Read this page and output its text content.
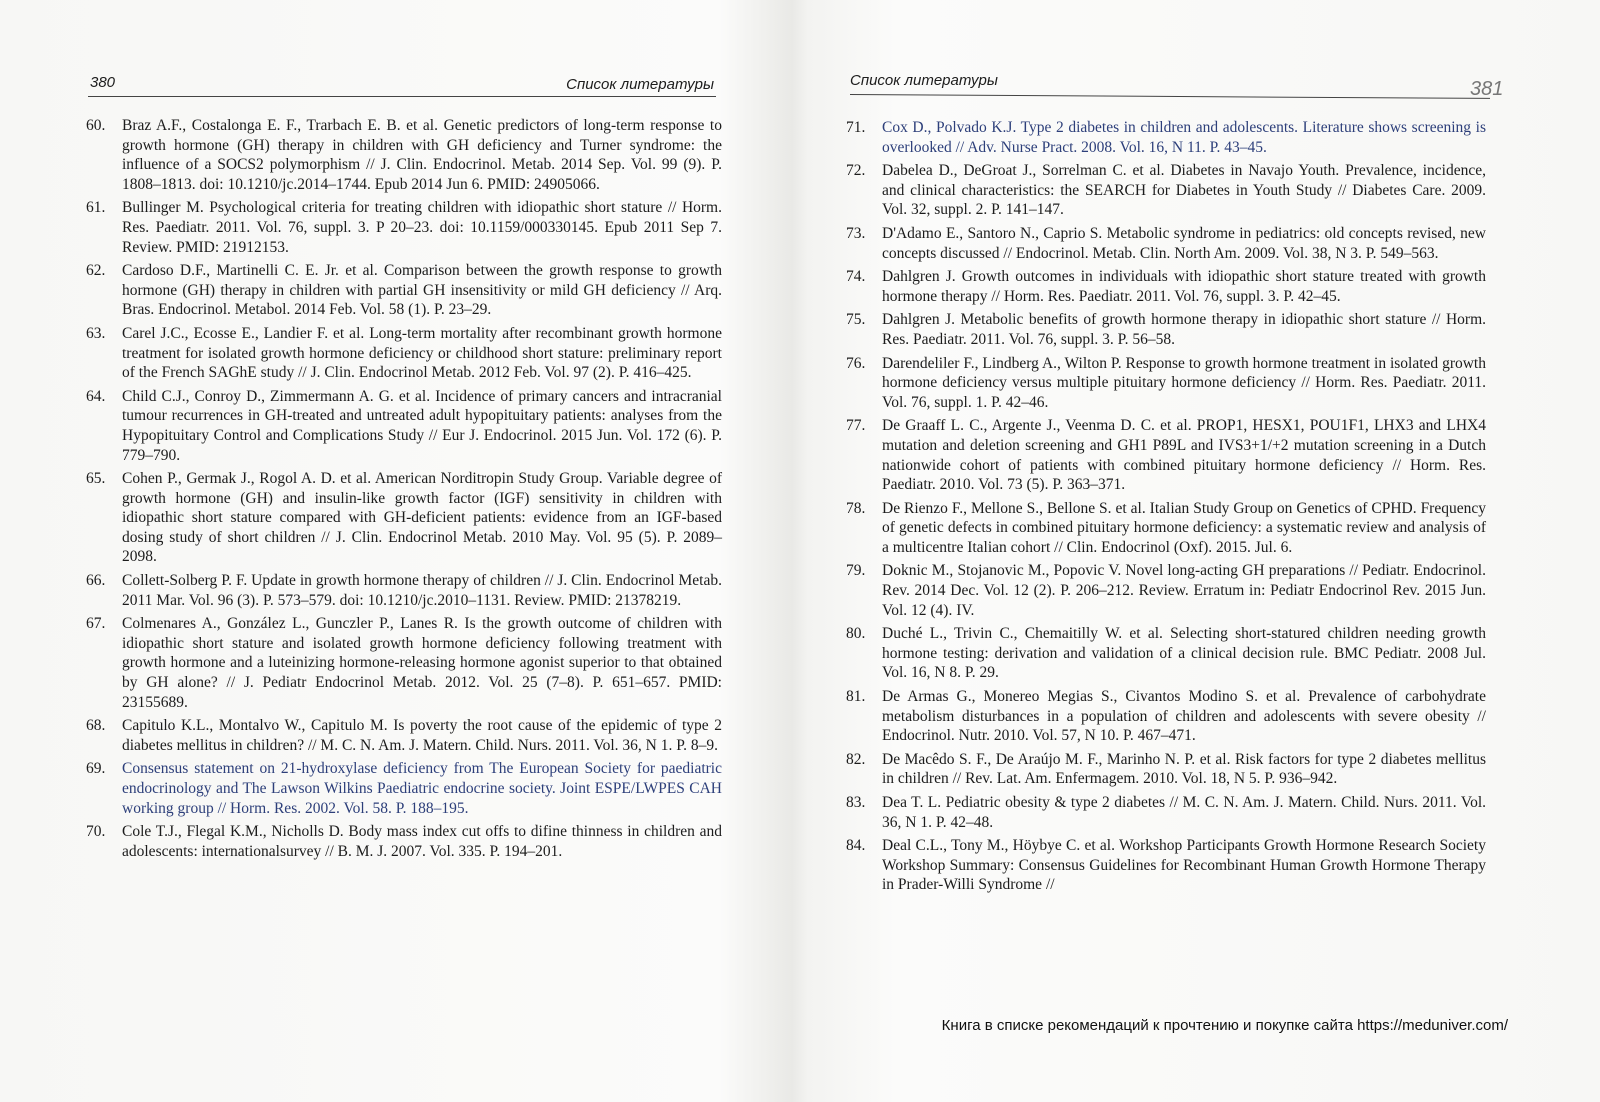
380	Список литературы
60.	Braz A.F., Costalonga E. F., Trarbach E. B. et al. Genetic predictors of long-term response to growth hormone (GH) therapy in children with GH deficiency and Turner syndrome: the influence of a SOCS2 polymorphism // J. Clin. Endocrinol. Metab. 2014 Sep. Vol. 99 (9). P. 1808–1813. doi: 10.1210/jc.2014–1744. Epub 2014 Jun 6. PMID: 24905066.
61.	Bullinger M. Psychological criteria for treating children with idiopathic short stature // Horm. Res. Paediatr. 2011. Vol. 76, suppl. 3. P 20–23. doi: 10.1159/000330145. Epub 2011 Sep 7. Review. PMID: 21912153.
62.	Cardoso D.F., Martinelli C. E. Jr. et al. Comparison between the growth response to growth hormone (GH) therapy in children with partial GH insensitivity or mild GH deficiency // Arq. Bras. Endocrinol. Metabol. 2014 Feb. Vol. 58 (1). P. 23–29.
63.	Carel J.C., Ecosse E., Landier F. et al. Long-term mortality after recombinant growth hormone treatment for isolated growth hormone deficiency or childhood short stature: preliminary report of the French SAGhE study // J. Clin. Endocrinol Metab. 2012 Feb. Vol. 97 (2). P. 416–425.
64.	Child C.J., Conroy D., Zimmermann A. G. et al. Incidence of primary cancers and intracranial tumour recurrences in GH-treated and untreated adult hypopituitary patients: analyses from the Hypopituitary Control and Complications Study // Eur J. Endocrinol. 2015 Jun. Vol. 172 (6). P. 779–790.
65.	Cohen P., Germak J., Rogol A. D. et al. American Norditropin Study Group. Variable degree of growth hormone (GH) and insulin-like growth factor (IGF) sensitivity in children with idiopathic short stature compared with GH-deficient patients: evidence from an IGF-based dosing study of short children // J. Clin. Endocrinol Metab. 2010 May. Vol. 95 (5). P. 2089–2098.
66.	Collett-Solberg P. F. Update in growth hormone therapy of children // J. Clin. Endocrinol Metab. 2011 Mar. Vol. 96 (3). P. 573–579. doi: 10.1210/jc.2010–1131. Review. PMID: 21378219.
67.	Colmenares A., González L., Gunczler P., Lanes R. Is the growth outcome of children with idiopathic short stature and isolated growth hormone deficiency following treatment with growth hormone and a luteinizing hormone-releasing hormone agonist superior to that obtained by GH alone? // J. Pediatr Endocrinol Metab. 2012. Vol. 25 (7–8). P. 651–657. PMID: 23155689.
68.	Capitulo K.L., Montalvo W., Capitulo M. Is poverty the root cause of the epidemic of type 2 diabetes mellitus in children? // M. C. N. Am. J. Matern. Child. Nurs. 2011. Vol. 36, N 1. P. 8–9.
69.	Consensus statement on 21-hydroxylase deficiency from The European Society for paediatric endocrinology and The Lawson Wilkins Paediatric endocrine society. Joint ESPE/LWPES CAH working group // Horm. Res. 2002. Vol. 58. P. 188–195.
70.	Cole T.J., Flegal K.M., Nicholls D. Body mass index cut offs to difine thinness in children and adolescents: internationalsurvey // B. M. J. 2007. Vol. 335. P. 194–201.
Список литературы	381
71.	Cox D., Polvado K.J. Type 2 diabetes in children and adolescents. Literature shows screening is overlooked // Adv. Nurse Pract. 2008. Vol. 16, N 11. P. 43–45.
72.	Dabelea D., DeGroat J., Sorrelman C. et al. Diabetes in Navajo Youth. Prevalence, incidence, and clinical characteristics: the SEARCH for Diabetes in Youth Study // Diabetes Care. 2009. Vol. 32, suppl. 2. P. 141–147.
73.	D'Adamo E., Santoro N., Caprio S. Metabolic syndrome in pediatrics: old concepts revised, new concepts discussed // Endocrinol. Metab. Clin. North Am. 2009. Vol. 38, N 3. P. 549–563.
74.	Dahlgren J. Growth outcomes in individuals with idiopathic short stature treated with growth hormone therapy // Horm. Res. Paediatr. 2011. Vol. 76, suppl. 3. P. 42–45.
75.	Dahlgren J. Metabolic benefits of growth hormone therapy in idiopathic short stature // Horm. Res. Paediatr. 2011. Vol. 76, suppl. 3. P. 56–58.
76.	Darendeliler F., Lindberg A., Wilton P. Response to growth hormone treatment in isolated growth hormone deficiency versus multiple pituitary hormone deficiency // Horm. Res. Paediatr. 2011. Vol. 76, suppl. 1. P. 42–46.
77.	De Graaff L. C., Argente J., Veenma D. C. et al. PROP1, HESX1, POU1F1, LHX3 and LHX4 mutation and deletion screening and GH1 P89L and IVS3+1/+2 mutation screening in a Dutch nationwide cohort of patients with combined pituitary hormone deficiency // Horm. Res. Paediatr. 2010. Vol. 73 (5). P. 363–371.
78.	De Rienzo F., Mellone S., Bellone S. et al. Italian Study Group on Genetics of CPHD. Frequency of genetic defects in combined pituitary hormone deficiency: a systematic review and analysis of a multicentre Italian cohort // Clin. Endocrinol (Oxf). 2015. Jul. 6.
79.	Doknic M., Stojanovic M., Popovic V. Novel long-acting GH preparations // Pediatr. Endocrinol. Rev. 2014 Dec. Vol. 12 (2). P. 206–212. Review. Erratum in: Pediatr Endocrinol Rev. 2015 Jun. Vol. 12 (4). IV.
80.	Duché L., Trivin C., Chemaitilly W. et al. Selecting short-statured children needing growth hormone testing: derivation and validation of a clinical decision rule. BMC Pediatr. 2008 Jul. Vol. 16, N 8. P. 29.
81.	De Armas G., Monereo Megias S., Civantos Modino S. et al. Prevalence of carbohydrate metabolism disturbances in a population of children and adolescents with severe obesity // Endocrinol. Nutr. 2010. Vol. 57, N 10. P. 467–471.
82.	De Macêdo S. F., De Araújo M. F., Marinho N. P. et al. Risk factors for type 2 diabetes mellitus in children // Rev. Lat. Am. Enfermagem. 2010. Vol. 18, N 5. P. 936–942.
83.	Dea T. L. Pediatric obesity & type 2 diabetes // M. C. N. Am. J. Matern. Child. Nurs. 2011. Vol. 36, N 1. P. 42–48.
84.	Deal C.L., Tony M., Höybye C. et al. Workshop Participants Growth Hormone Research Society Workshop Summary: Consensus Guidelines for Recombinant Human Growth Hormone Therapy in Prader-Willi Syndrome //
Книга в списке рекомендаций к прочтению и покупке сайта https://meduniver.com/
